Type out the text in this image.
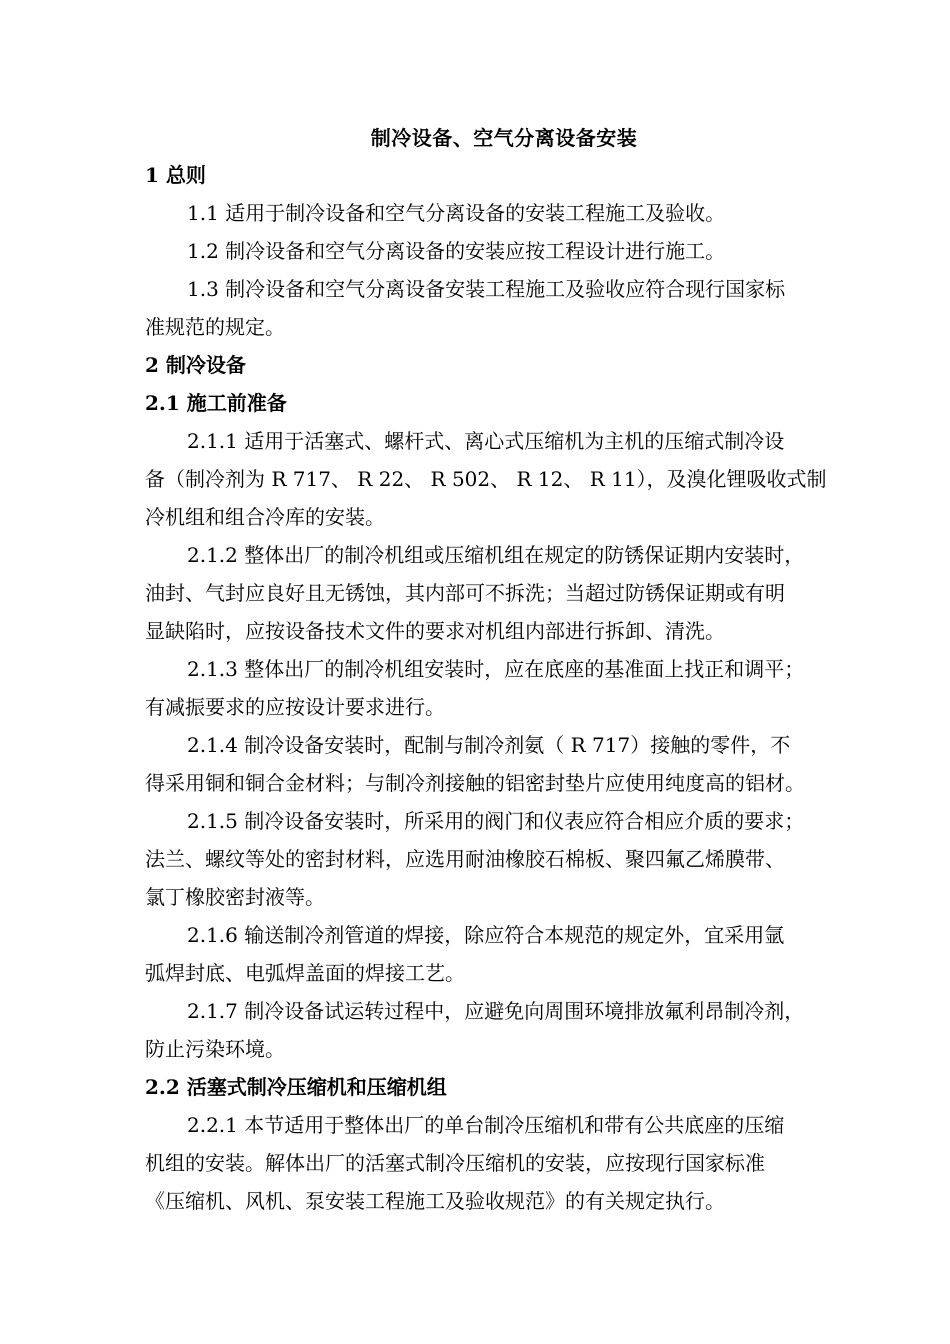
制冷设备、空气分离设备安装
1 总则
1.1 适用于制冷设备和空气分离设备的安装工程施工及验收。
1.2 制冷设备和空气分离设备的安装应按工程设计进行施工。
1.3 制冷设备和空气分离设备安装工程施工及验收应符合现行国家标
准规范的规定。
2 制冷设备
2.1 施工前准备
2.1.1 适用于活塞式、螺杆式、离心式压缩机为主机的压缩式制冷设
备（制冷剂为 R 717、 R 22、 R 502、 R 12、 R 11），及溴化锂吸收式制
冷机组和组合冷库的安装。
2.1.2 整体出厂的制冷机组或压缩机组在规定的防锈保证期内安装时，
油封、气封应良好且无锈蚀，其内部可不拆洗；当超过防锈保证期或有明
显缺陷时，应按设备技术文件的要求对机组内部进行拆卸、清洗。
2.1.3 整体出厂的制冷机组安装时，应在底座的基准面上找正和调平；
有减振要求的应按设计要求进行。
2.1.4 制冷设备安装时，配制与制冷剂氨（ R 717）接触的零件，不
得采用铜和铜合金材料；与制冷剂接触的铝密封垫片应使用纯度高的铝材。
2.1.5 制冷设备安装时，所采用的阀门和仪表应符合相应介质的要求；
法兰、螺纹等处的密封材料，应选用耐油橡胶石棉板、聚四氟乙烯膜带、
氯丁橡胶密封液等。
2.1.6 输送制冷剂管道的焊接，除应符合本规范的规定外，宜采用氩
弧焊封底、电弧焊盖面的焊接工艺。
2.1.7 制冷设备试运转过程中，应避免向周围环境排放氟利昂制冷剂，
防止污染环境。
2.2 活塞式制冷压缩机和压缩机组
2.2.1 本节适用于整体出厂的单台制冷压缩机和带有公共底座的压缩
机组的安装。解体出厂的活塞式制冷压缩机的安装，应按现行国家标准
《压缩机、风机、泵安装工程施工及验收规范》的有关规定执行。
